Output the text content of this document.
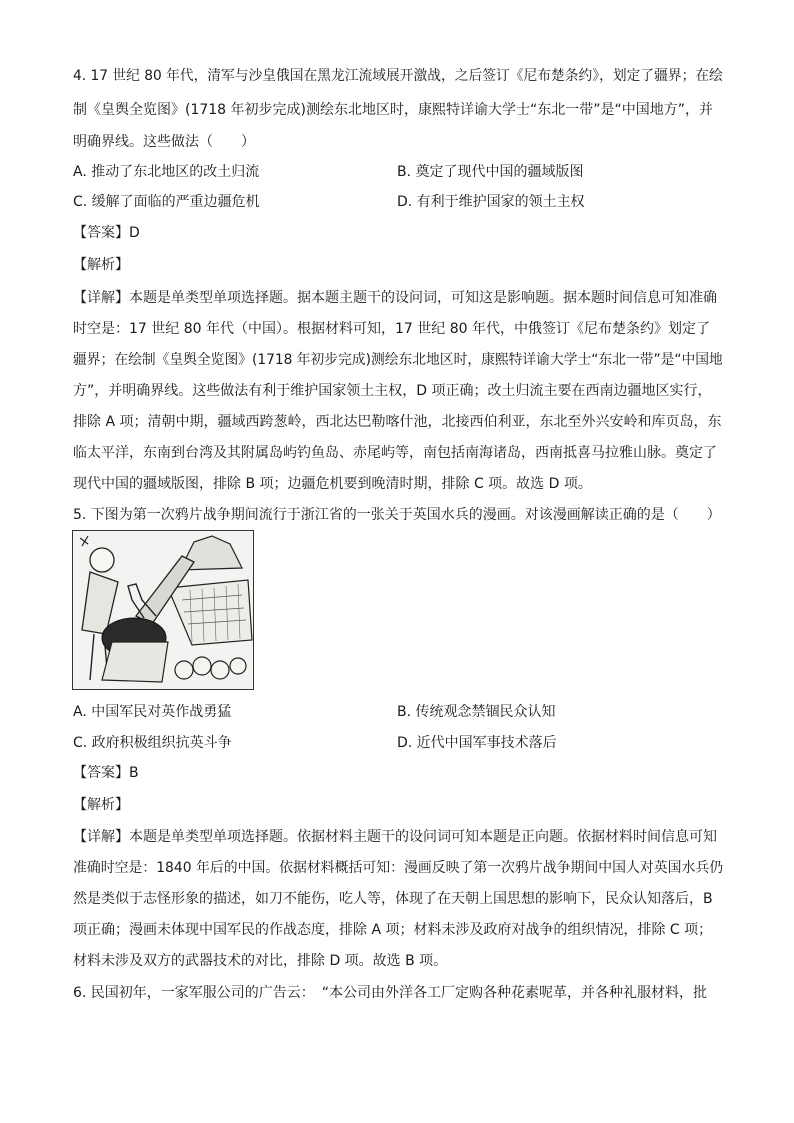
4. 17 世纪 80 年代，清军与沙皇俄国在黑龙江流域展开激战，之后签订《尼布楚条约》，划定了疆界；在绘
制《皇舆全览图》(1718 年初步完成)测绘东北地区时，康熙特详谕大学士“东北一带”是“中国地方”，并
明确界线。这些做法（　　）
A. 推动了东北地区的改土归流	B. 奠定了现代中国的疆域版图
C. 缓解了面临的严重边疆危机	D. 有利于维护国家的领土主权
【答案】D
【解析】
【详解】本题是单类型单项选择题。据本题主题干的设问词，可知这是影响题。据本题时间信息可知准确
时空是：17 世纪 80 年代（中国）。根据材料可知，17 世纪 80 年代，中俄签订《尼布楚条约》划定了
疆界；在绘制《皇舆全览图》(1718 年初步完成)测绘东北地区时，康熙特详谕大学士“东北一带”是“中国地
方”，并明确界线。这些做法有利于维护国家领土主权，D 项正确；改土归流主要在西南边疆地区实行，
排除 A 项；清朝中期，疆域西跨葱岭，西北达巴勒喀什池，北接西伯利亚，东北至外兴安岭和库页岛，东
临太平洋，东南到台湾及其附属岛屿钓鱼岛、赤尾屿等，南包括南海诸岛，西南抵喜马拉雅山脉。奠定了
现代中国的疆域版图，排除 B 项；边疆危机要到晚清时期，排除 C 项。故选 D 项。
5. 下图为第一次鸦片战争期间流行于浙江省的一张关于英国水兵的漫画。对该漫画解读正确的是（　　）
A. 中国军民对英作战勇猛	B. 传统观念禁锢民众认知
C. 政府积极组织抗英斗争	D. 近代中国军事技术落后
【答案】B
【解析】
【详解】本题是单类型单项选择题。依据材料主题干的设问词可知本题是正向题。依据材料时间信息可知
准确时空是：1840 年后的中国。依据材料概括可知：漫画反映了第一次鸦片战争期间中国人对英国水兵仍
然是类似于志怪形象的描述，如刀不能伤，吃人等，体现了在天朝上国思想的影响下，民众认知落后，B
项正确；漫画未体现中国军民的作战态度，排除 A 项；材料未涉及政府对战争的组织情况，排除 C 项；
材料未涉及双方的武器技术的对比，排除 D 项。故选 B 项。
6. 民国初年，一家军服公司的广告云：　“本公司由外洋各工厂定购各种花素呢革，并各种礼服材料，批
